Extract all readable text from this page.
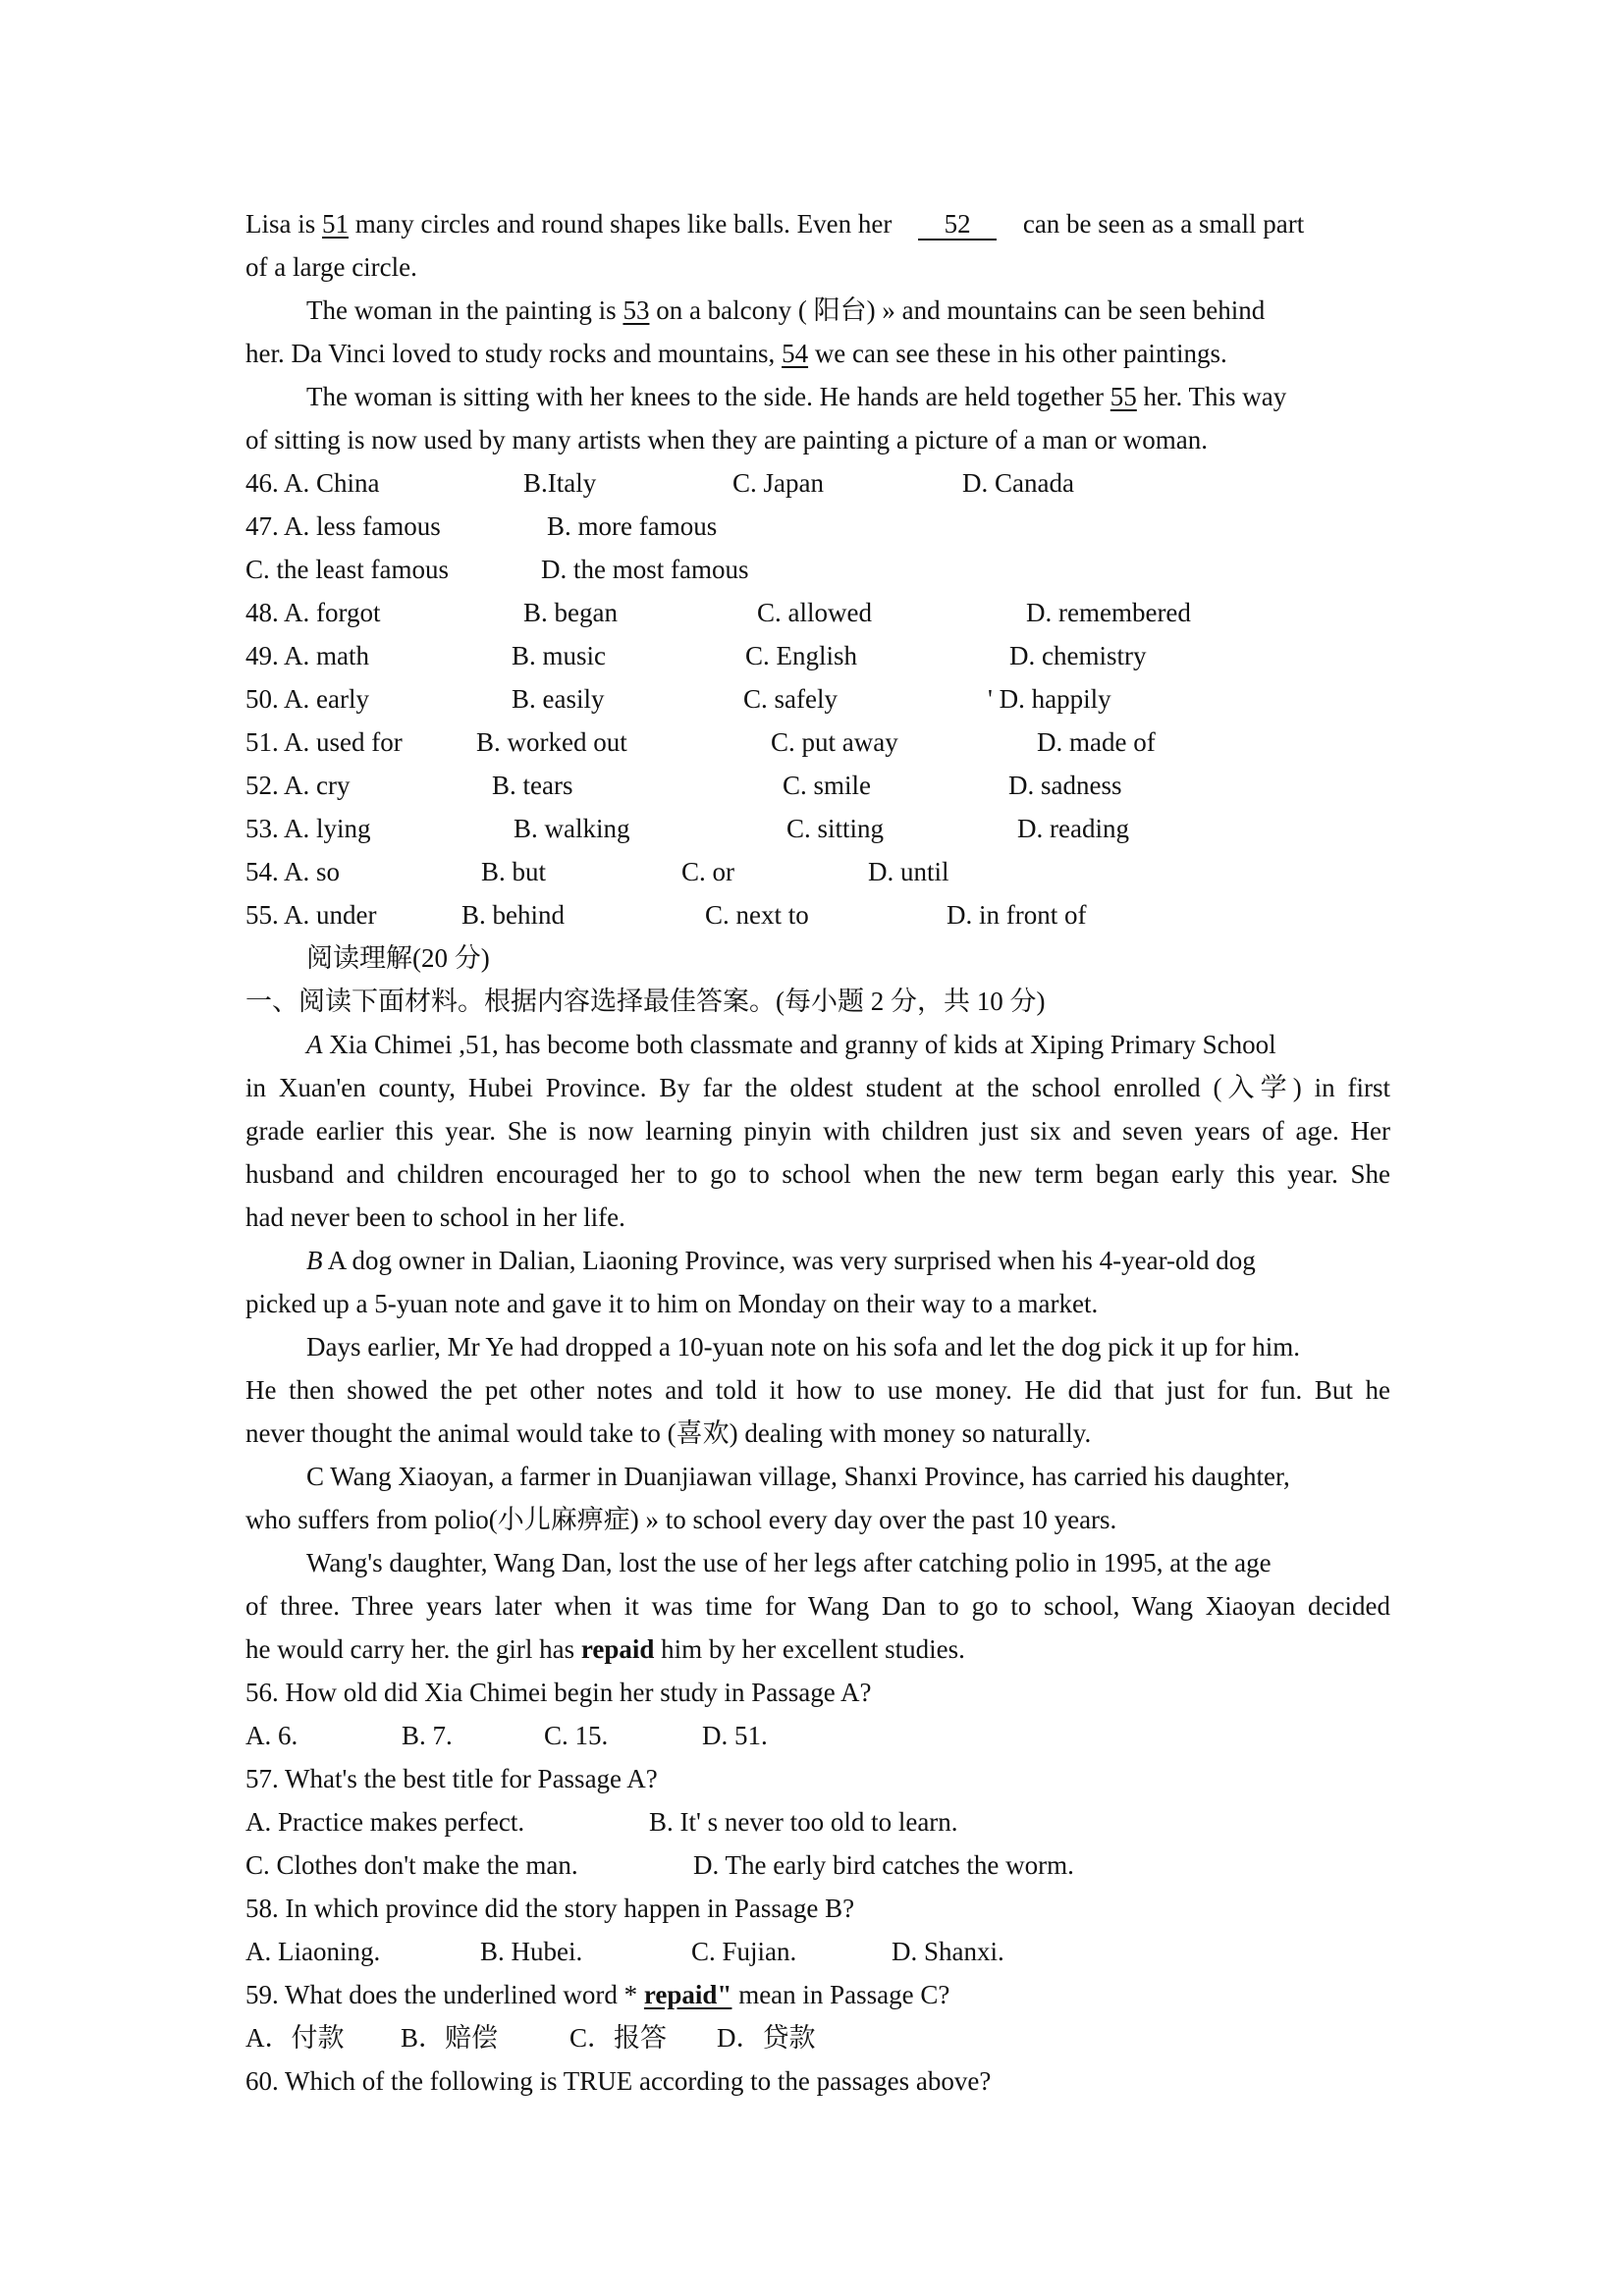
Lisa is 51 many circles and round shapes like balls. Even her 52 can be seen as a small part
of a large circle.
The woman in the painting is 53 on a balcony ( 阳台) » and mountains can be seen behind
her. Da Vinci loved to study rocks and mountains, 54 we can see these in his other paintings.
The woman is sitting with her knees to the side. He hands are held together 55 her. This way
of sitting is now used by many artists when they are painting a picture of a man or woman.
46. A. China	B.Italy	C. Japan	D. Canada
47. A. less famous	B. more famous
C. the least famous	D. the most famous
48. A. forgot	B. began	C. allowed	D. remembered
49. A. math	B. music	C. English	D. chemistry
50. A. early	B. easily	C. safely	' D. happily
51. A. used for	B. worked out	C. put away	D. made of
52. A. cry	B. tears	C. smile	D. sadness
53. A. lying	B. walking	C. sitting	D. reading
54. A. so	B. but	C. or	D. until
55. A. under	B. behind	C. next to	D. in front of
阅读理解(20 分)
一、阅读下面材料。根据内容选择最佳答案。(每小题 2 分，共 10 分)
A Xia Chimei ,51, has become both classmate and granny of kids at Xiping Primary School
in Xuan'en county, Hubei Province. By far the oldest student at the school enrolled (入学) in first
grade earlier this year. She is now learning pinyin with children just six and seven years of age. Her
husband and children encouraged her to go to school when the new term began early this year. She
had never been to school in her life.
B A dog owner in Dalian, Liaoning Province, was very surprised when his 4-year-old dog
picked up a 5-yuan note and gave it to him on Monday on their way to a market.
Days earlier, Mr Ye had dropped a 10-yuan note on his sofa and let the dog pick it up for him.
He then showed the pet other notes and told it how to use money. He did that just for fun. But he
never thought the animal would take to (喜欢) dealing with money so naturally.
C Wang Xiaoyan, a farmer in Duanjiawan village, Shanxi Province, has carried his daughter,
who suffers from polio(小儿麻痹症) » to school every day over the past 10 years.
Wang's daughter, Wang Dan, lost the use of her legs after catching polio in 1995, at the age
of three. Three years later when it was time for Wang Dan to go to school, Wang Xiaoyan decided
he would carry her. the girl has repaid him by her excellent studies.
56. How old did Xia Chimei begin her study in Passage A?
A. 6.	B. 7.	C. 15.	D. 51.
57. What's the best title for Passage A?
A. Practice makes perfect.	B. It' s never too old to learn.
C. Clothes don't make the man.	D. The early bird catches the worm.
58. In which province did the story happen in Passage B?
A. Liaoning.	B. Hubei.	C. Fujian.	D. Shanxi.
59. What does the underlined word * repaid" mean in Passage C?
A．付款 B．赔偿	C．报答 D．贷款
60. Which of the following is TRUE according to the passages above?
